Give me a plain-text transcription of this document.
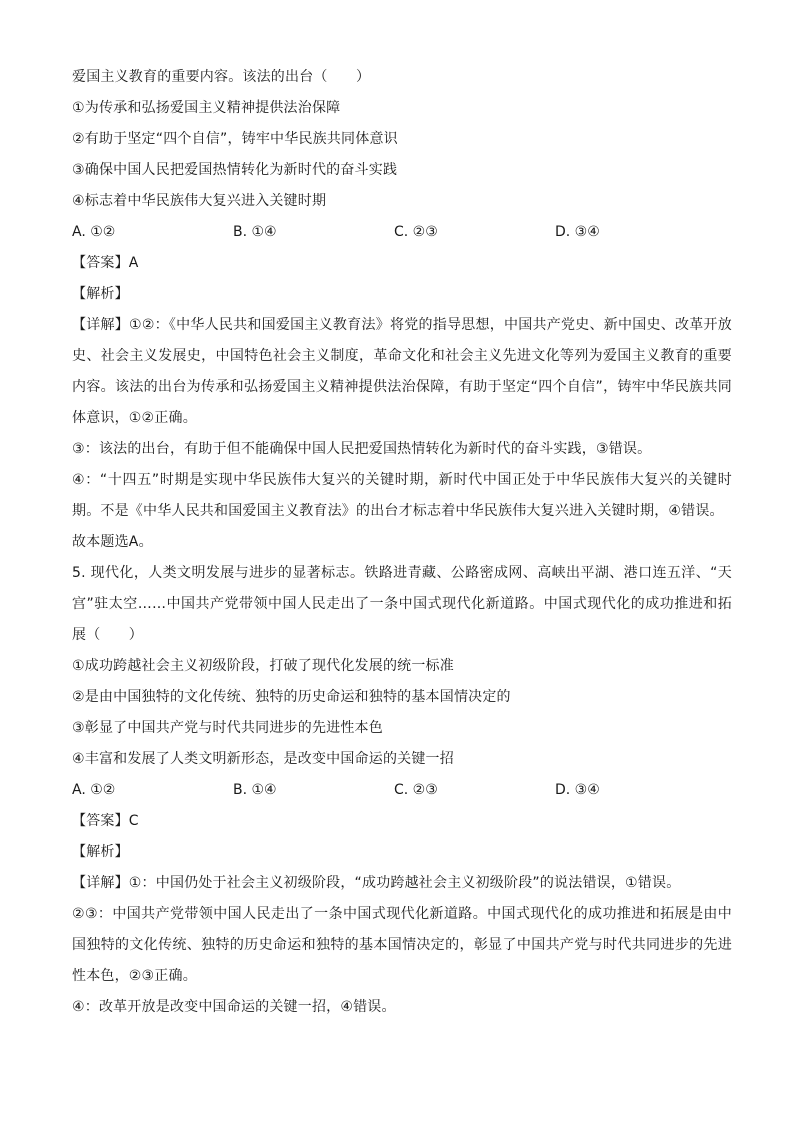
爱国主义教育的重要内容。该法的出台（　　）
①为传承和弘扬爱国主义精神提供法治保障
②有助于坚定“四个自信”，铸牢中华民族共同体意识
③确保中国人民把爱国热情转化为新时代的奋斗实践
④标志着中华民族伟大复兴进入关键时期
A. ①②	B. ①④	C. ②③	D. ③④
【答案】A
【解析】
【详解】①②：《中华人民共和国爱国主义教育法》将党的指导思想，中国共产党史、新中国史、改革开放史、社会主义发展史，中国特色社会主义制度，革命文化和社会主义先进文化等列为爱国主义教育的重要内容。该法的出台为传承和弘扬爱国主义精神提供法治保障，有助于坚定“四个自信”，铸牢中华民族共同体意识，①②正确。
③：该法的出台，有助于但不能确保中国人民把爱国热情转化为新时代的奋斗实践，③错误。
④：“十四五”时期是实现中华民族伟大复兴的关键时期，新时代中国正处于中华民族伟大复兴的关键时期。不是《中华人民共和国爱国主义教育法》的出台才标志着中华民族伟大复兴进入关键时期，④错误。
故本题选A。
5. 现代化，人类文明发展与进步的显著标志。铁路进青藏、公路密成网、高峡出平湖、港口连五洋、“天宫”驻太空……中国共产党带领中国人民走出了一条中国式现代化新道路。中国式现代化的成功推进和拓展（　　）
①成功跨越社会主义初级阶段，打破了现代化发展的统一标准
②是由中国独特的文化传统、独特的历史命运和独特的基本国情决定的
③彰显了中国共产党与时代共同进步的先进性本色
④丰富和发展了人类文明新形态，是改变中国命运的关键一招
A. ①②	B. ①④	C. ②③	D. ③④
【答案】C
【解析】
【详解】①：中国仍处于社会主义初级阶段，“成功跨越社会主义初级阶段”的说法错误，①错误。
②③：中国共产党带领中国人民走出了一条中国式现代化新道路。中国式现代化的成功推进和拓展是由中国独特的文化传统、独特的历史命运和独特的基本国情决定的，彰显了中国共产党与时代共同进步的先进性本色，②③正确。
④：改革开放是改变中国命运的关键一招，④错误。
